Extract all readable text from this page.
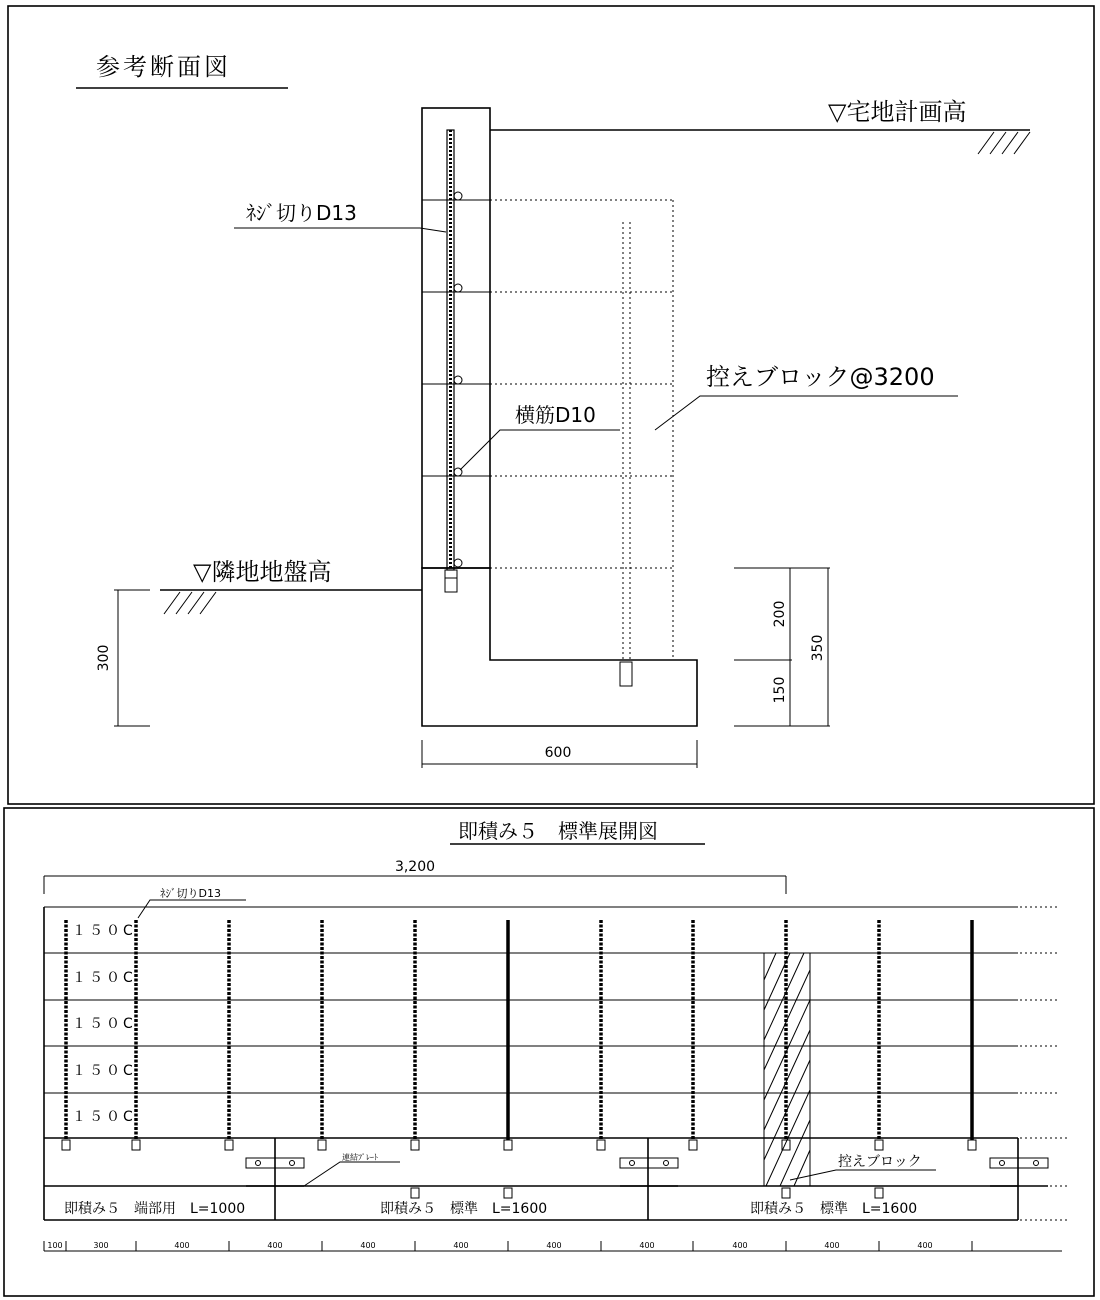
参考断面図
▽宅地計画高
▽隣地地盤高
ﾈｼﾞ切りD13
横筋D10
控えブロック@3200
600
200
150
350
300
即積み５　標準展開図
3,200
１５０C
１５０C
１５０C
１５０C
１５０C
ﾈｼﾞ切りD13
連結ﾌﾟﾚｰﾄ	控えブロック
即積み５　端部用　L=1000	即積み５　標準　L=1600	即積み５　標準　L=1600
100	300	400	400	400	400	400	400	400	400	400
